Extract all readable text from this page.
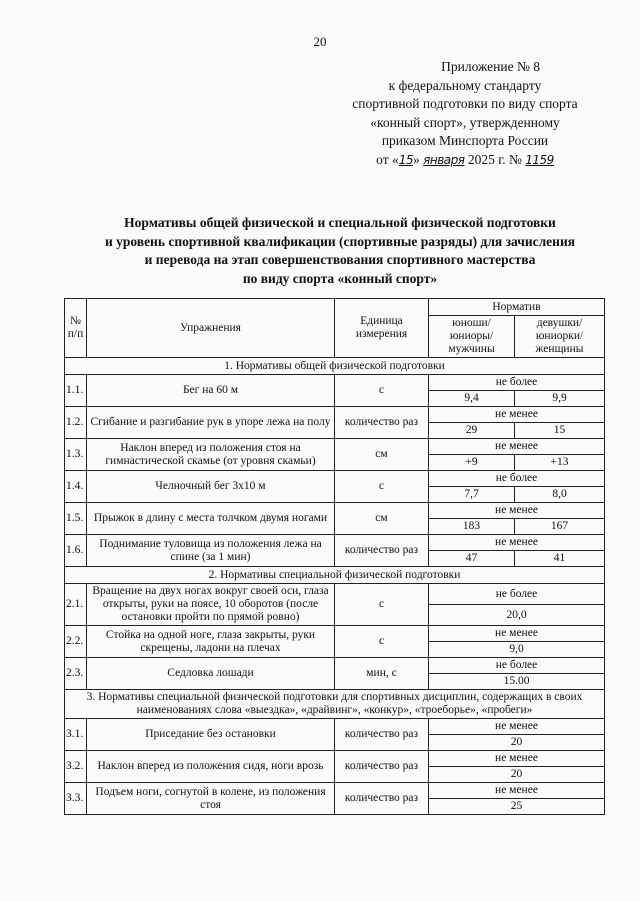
20
Приложение № 8
к федеральному стандарту
спортивной подготовки по виду спорта
«конный спорт», утвержденному
приказом Минспорта России
от «15» января 2025 г. № 1159
Нормативы общей физической и специальной физической подготовки
и уровень спортивной квалификации (спортивные разряды) для зачисления
и перевода на этап совершенствования спортивного мастерства
по виду спорта «конный спорт»
№ п/п	Упражнения	Единица измерения	Норматив	
			юноши/ юниоры/ мужчины	девушки/ юниорки/ женщины
1. Нормативы общей физической подготовки				
1.1.	Бег на 60 м	с	не более	
			9,4	9,9
1.2.	Сгибание и разгибание рук в упоре лежа на полу	количество раз	не менее	
			29	15
1.3.	Наклон вперед из положения стоя на гимнастической скамье (от уровня скамьи)	см	не менее	
			+9	+13
1.4.	Челночный бег 3х10 м	с	не более	
			7,7	8,0
1.5.	Прыжок в длину с места толчком двумя ногами	см	не менее	
			183	167
1.6.	Поднимание туловища из положения лежа на спине (за 1 мин)	количество раз	не менее	
			47	41
2. Нормативы специальной физической подготовки				
2.1.	Вращение на двух ногах вокруг своей оси, глаза открыты, руки на поясе, 10 оборотов (после остановки пройти по прямой ровно)	с	не более	
			20,0	
2.2.	Стойка на одной ноге, глаза закрыты, руки скрещены, ладони на плечах	с	не менее	
			9,0	
2.3.	Седловка лошади	мин, с	не более	
			15.00	
3. Нормативы специальной физической подготовки для спортивных дисциплин, содержащих в своих наименованиях слова «выездка», «драйвинг», «конкур», «троеборье», «пробеги»				
3.1.	Приседание без остановки	количество раз	не менее	
			20	
3.2.	Наклон вперед из положения сидя, ноги врозь	количество раз	не менее	
			20	
3.3.	Подъем ноги, согнутой в колене, из положения стоя	количество раз	не менее	
			25	
